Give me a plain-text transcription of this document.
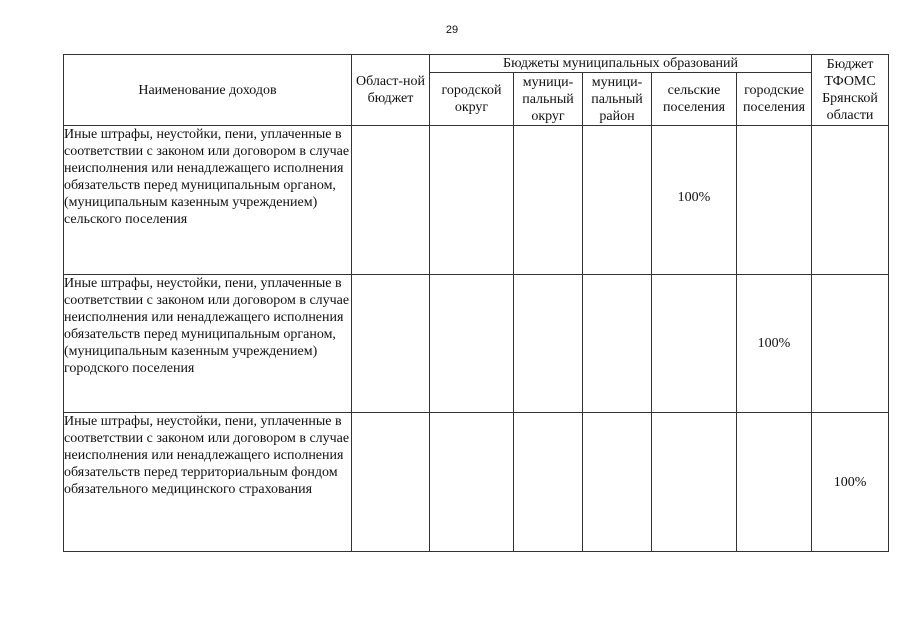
29
Наименование доходов	Област-ной бюджет	Бюджеты муниципальных образований					Бюджет ТФОМС Брянской области
		городской округ	муници-пальный округ	муници-пальный район	сельские поселения	городские поселения	
Иные штрафы, неустойки, пени, уплаченные в соответствии с законом или договором в случае неисполнения или ненадлежащего исполнения обязательств перед муниципальным органом, (муниципальным казенным учреждением) сельского поселения					100%		
Иные штрафы, неустойки, пени, уплаченные в соответствии с законом или договором в случае неисполнения или ненадлежащего исполнения обязательств перед муниципальным органом, (муниципальным казенным учреждением) городского поселения						100%	
Иные штрафы, неустойки, пени, уплаченные в соответствии с законом или договором в случае неисполнения или ненадлежащего исполнения обязательств перед территориальным фондом обязательного медицинского страхования							100%
